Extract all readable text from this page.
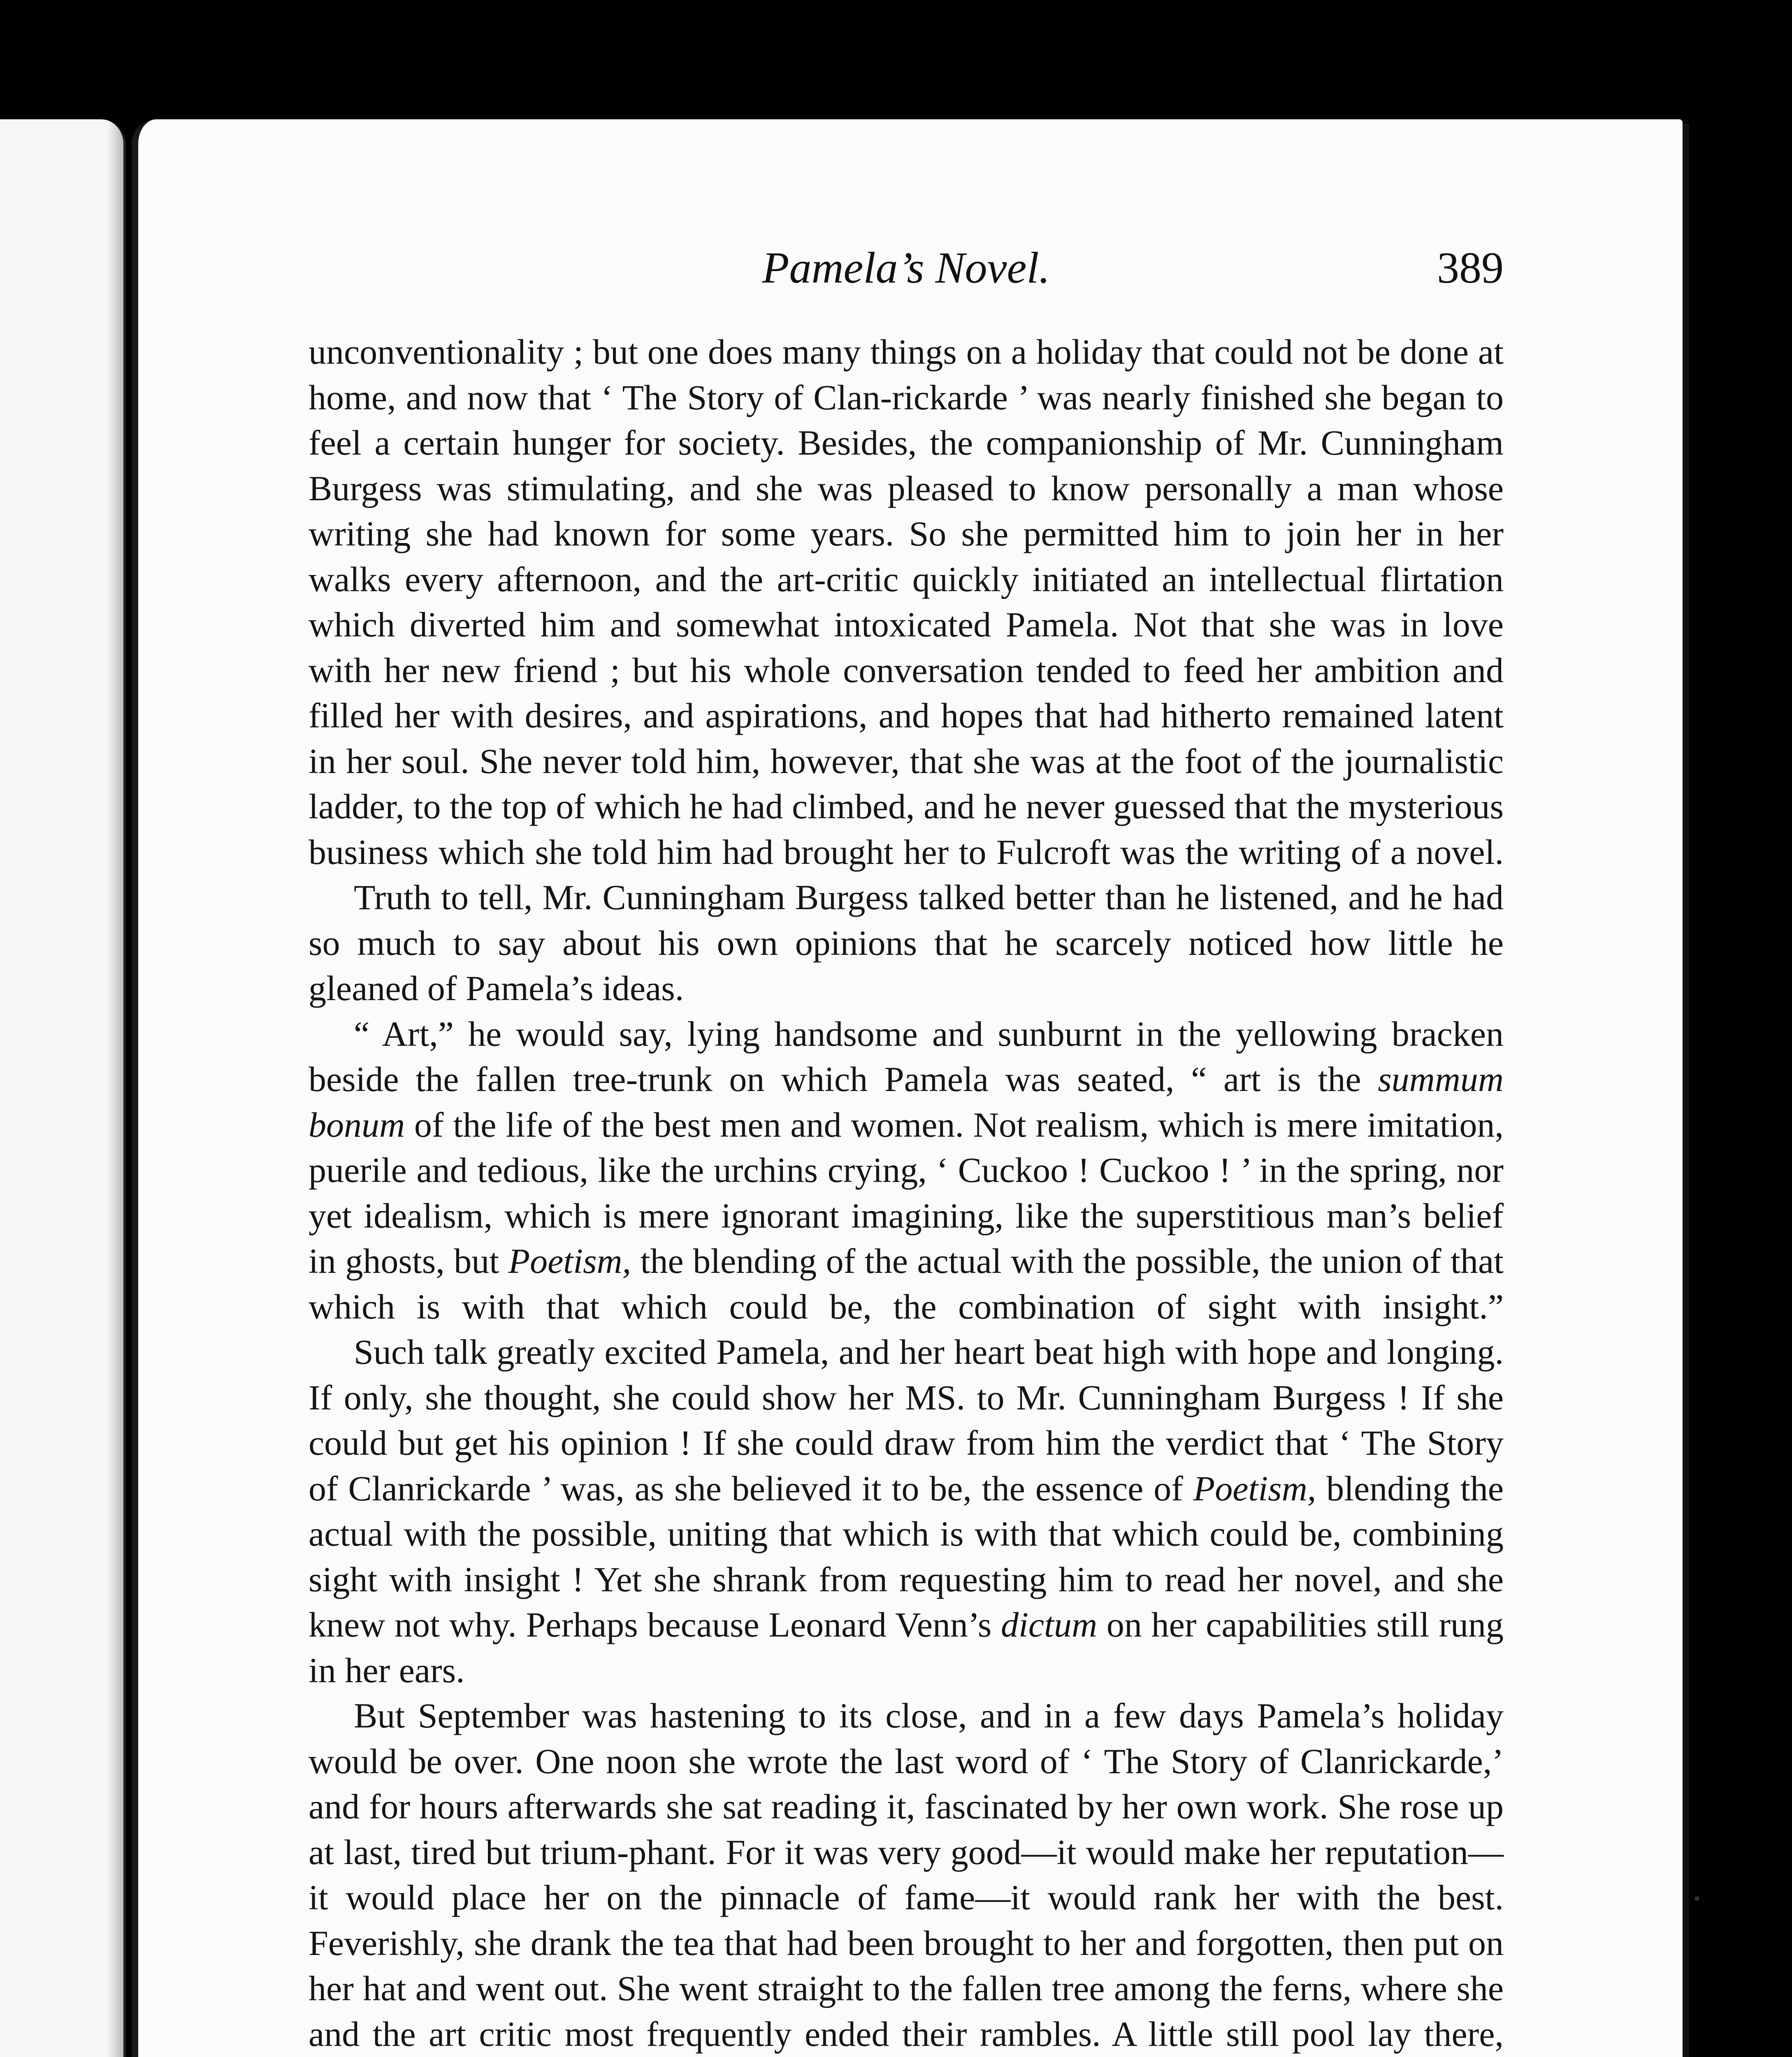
Pamela’s Novel.	389

unconventionality ; but one does many things on a holiday that could not be done at home, and now that ‘ The Story of Clan-rickarde ’ was nearly finished she began to feel a certain hunger for society. Besides, the companionship of Mr. Cunningham Burgess was stimulating, and she was pleased to know personally a man whose writing she had known for some years. So she permitted him to join her in her walks every afternoon, and the art-critic quickly initiated an intellectual flirtation which diverted him and somewhat intoxicated Pamela. Not that she was in love with her new friend ; but his whole conversation tended to feed her ambition and filled her with desires, and aspirations, and hopes that had hitherto remained latent in her soul. She never told him, however, that she was at the foot of the journalistic ladder, to the top of which he had climbed, and he never guessed that the mysterious business which she told him had brought her to Fulcroft was the writing of a novel.

Truth to tell, Mr. Cunningham Burgess talked better than he listened, and he had so much to say about his own opinions that he scarcely noticed how little he gleaned of Pamela’s ideas.

“ Art,” he would say, lying handsome and sunburnt in the yellowing bracken beside the fallen tree-trunk on which Pamela was seated, “ art is the summum bonum of the life of the best men and women. Not realism, which is mere imitation, puerile and tedious, like the urchins crying, ‘ Cuckoo ! Cuckoo ! ’ in the spring, nor yet idealism, which is mere ignorant imagining, like the superstitious man’s belief in ghosts, but Poetism, the blending of the actual with the possible, the union of that which is with that which could be, the combination of sight with insight.”

Such talk greatly excited Pamela, and her heart beat high with hope and longing. If only, she thought, she could show her MS. to Mr. Cunningham Burgess ! If she could but get his opinion ! If she could draw from him the verdict that ‘ The Story of Clanrickarde ’ was, as she believed it to be, the essence of Poetism, blending the actual with the possible, uniting that which is with that which could be, combining sight with insight ! Yet she shrank from requesting him to read her novel, and she knew not why. Perhaps because Leonard Venn’s dictum on her capabilities still rung in her ears.

But September was hastening to its close, and in a few days Pamela’s holiday would be over. One noon she wrote the last word of ‘ The Story of Clanrickarde,’ and for hours afterwards she sat reading it, fascinated by her own work. She rose up at last, tired but trium-phant. For it was very good—it would make her reputation—it would place her on the pinnacle of fame—it would rank her with the best. Feverishly, she drank the tea that had been brought to her and forgotten, then put on her hat and went out. She went straight to the fallen tree among the ferns, where she and the art critic most frequently ended their rambles. A little still pool lay there,
